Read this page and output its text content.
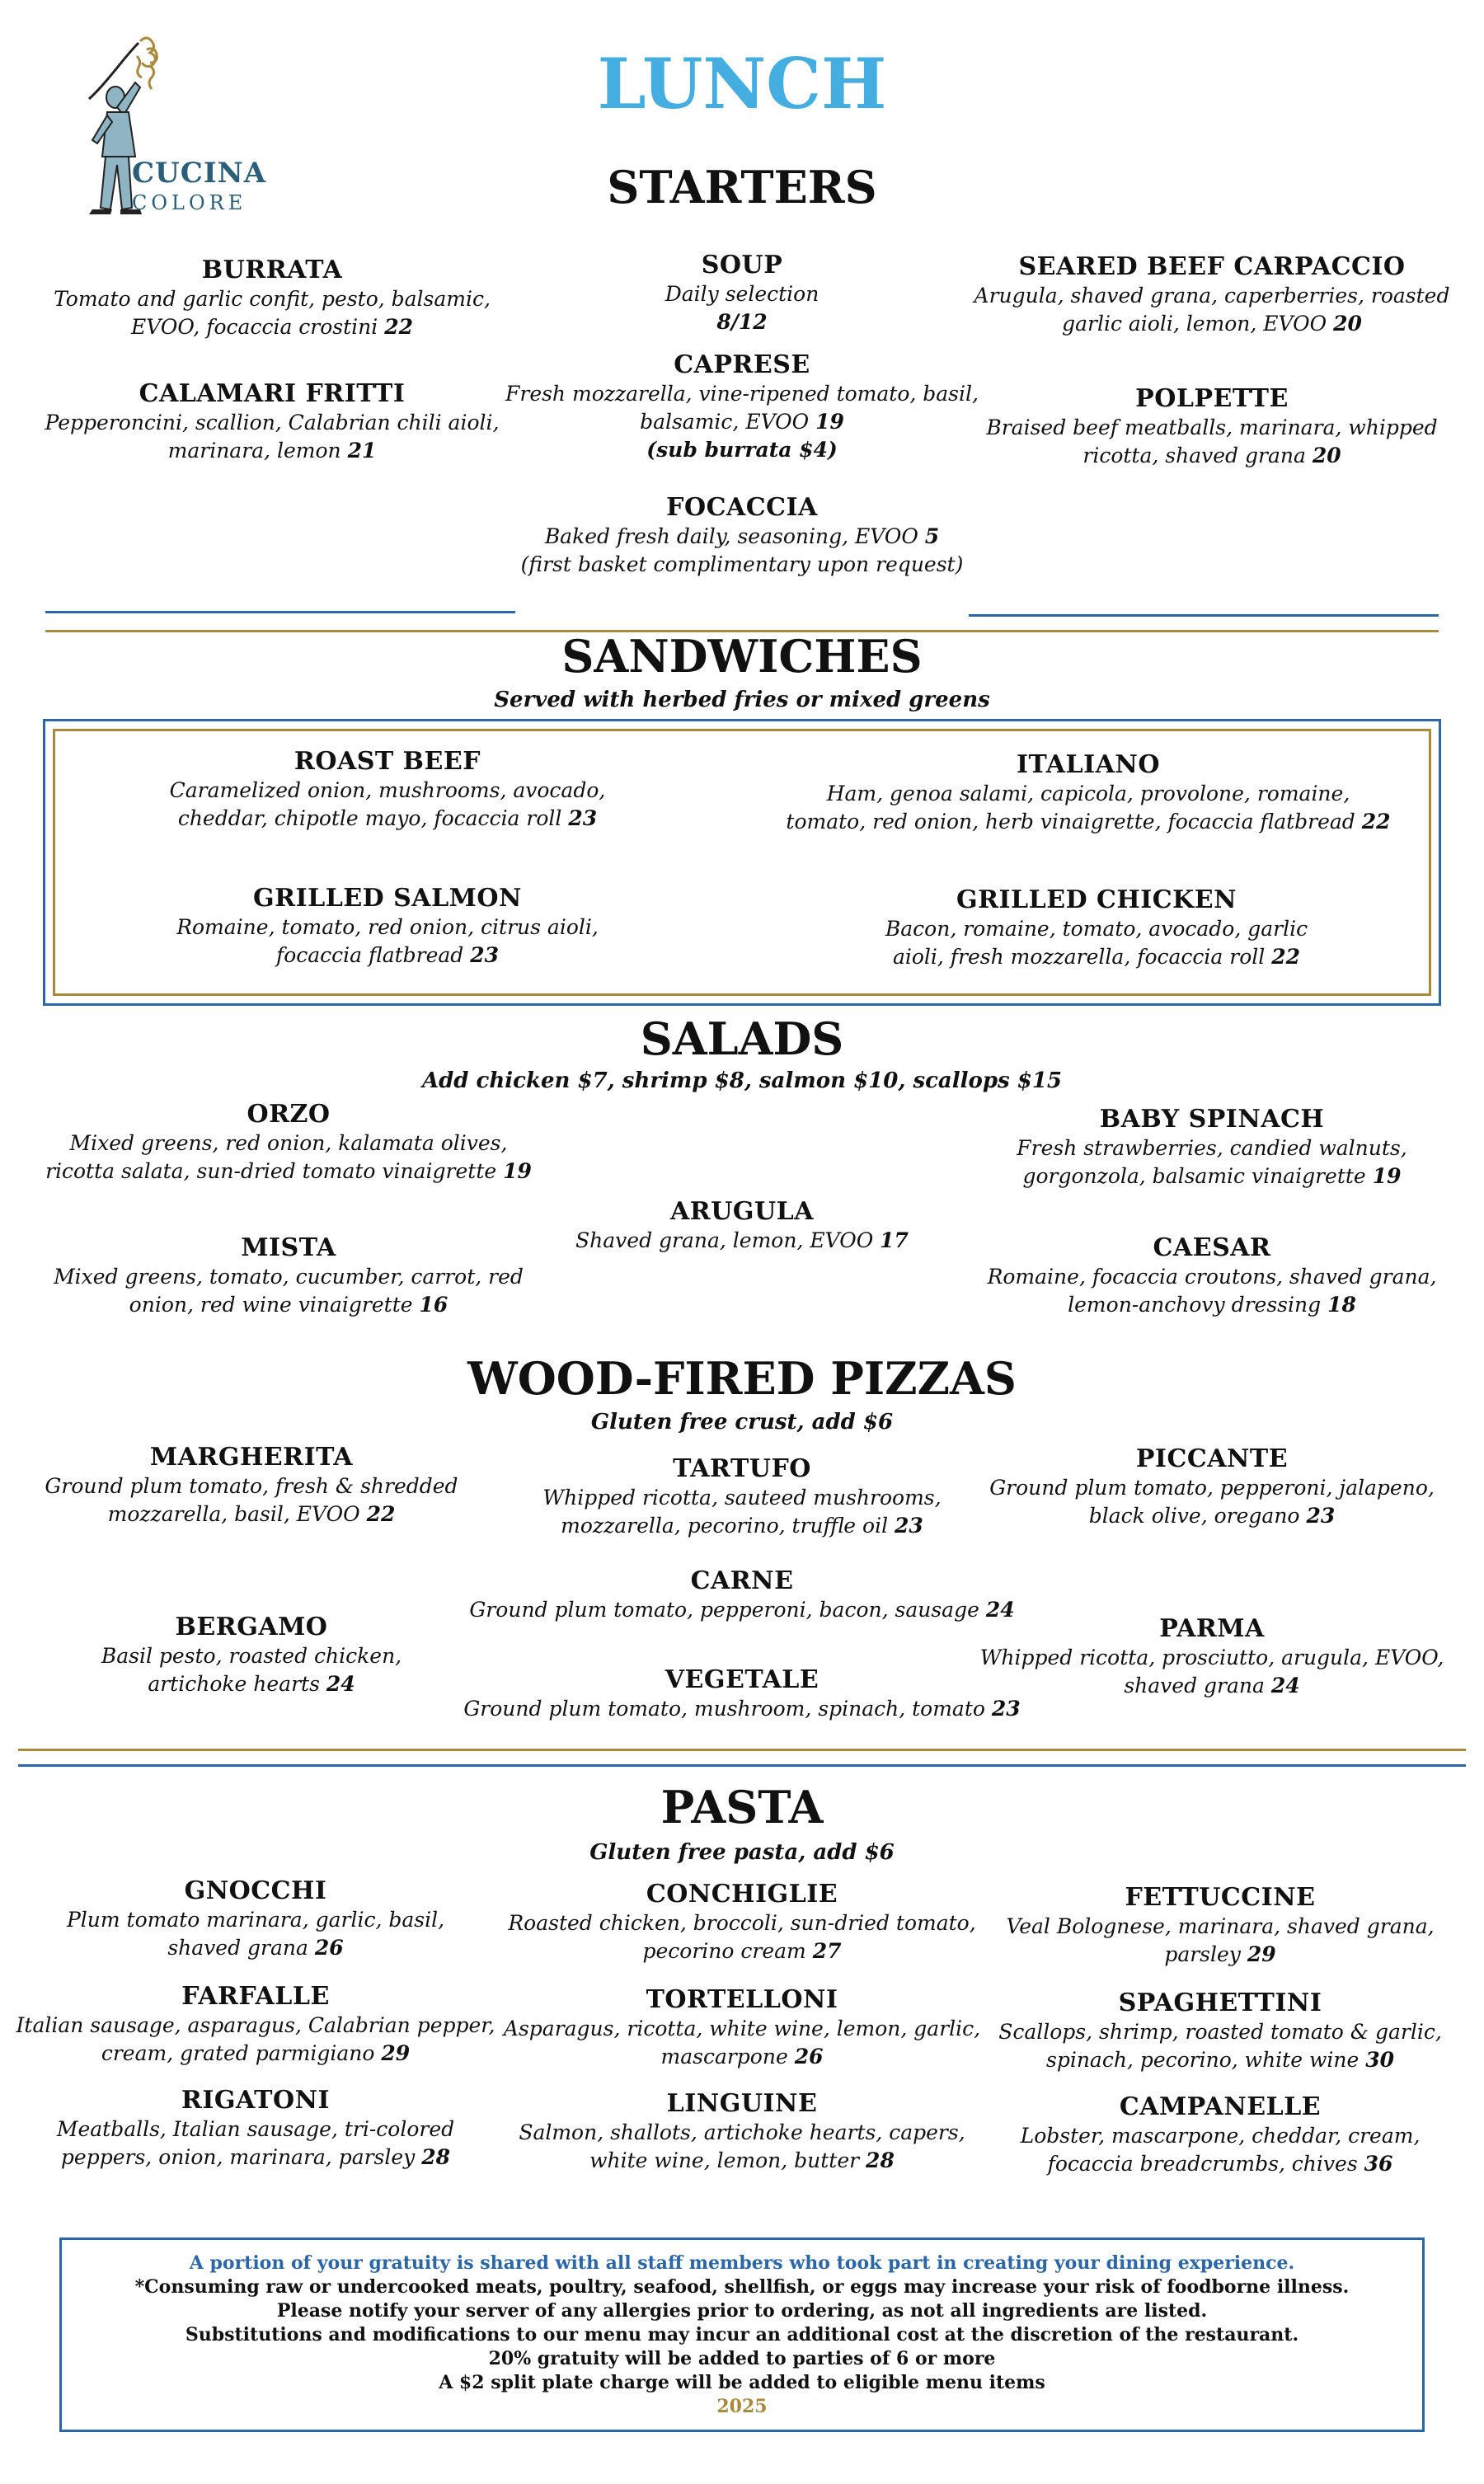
CUCINA
COLORE
LUNCH
STARTERS
BURRATA
Tomato and garlic confit, pesto, balsamic,
EVOO, focaccia crostini 22
CALAMARI FRITTI
Pepperoncini, scallion, Calabrian chili aioli,
marinara, lemon 21
SOUP
Daily selection
8/12
CAPRESE
Fresh mozzarella, vine-ripened tomato, basil,
balsamic, EVOO 19
(sub burrata $4)
FOCACCIA
Baked fresh daily, seasoning, EVOO 5
(first basket complimentary upon request)
SEARED BEEF CARPACCIO
Arugula, shaved grana, caperberries, roasted
garlic aioli, lemon, EVOO 20
POLPETTE
Braised beef meatballs, marinara, whipped
ricotta, shaved grana 20
SANDWICHES
Served with herbed fries or mixed greens
ROAST BEEF
Caramelized onion, mushrooms, avocado,
cheddar, chipotle mayo, focaccia roll 23
ITALIANO
Ham, genoa salami, capicola, provolone, romaine,
tomato, red onion, herb vinaigrette, focaccia flatbread 22
GRILLED SALMON
Romaine, tomato, red onion, citrus aioli,
focaccia flatbread 23
GRILLED CHICKEN
Bacon, romaine, tomato, avocado, garlic
aioli, fresh mozzarella, focaccia roll 22
SALADS
Add chicken $7, shrimp $8, salmon $10, scallops $15
ORZO
Mixed greens, red onion, kalamata olives,
ricotta salata, sun-dried tomato vinaigrette 19
MISTA
Mixed greens, tomato, cucumber, carrot, red
onion, red wine vinaigrette 16
ARUGULA
Shaved grana, lemon, EVOO 17
BABY SPINACH
Fresh strawberries, candied walnuts,
gorgonzola, balsamic vinaigrette 19
CAESAR
Romaine, focaccia croutons, shaved grana,
lemon-anchovy dressing 18
WOOD-FIRED PIZZAS
Gluten free crust, add $6
MARGHERITA
Ground plum tomato, fresh & shredded
mozzarella, basil, EVOO 22
BERGAMO
Basil pesto, roasted chicken,
artichoke hearts 24
TARTUFO
Whipped ricotta, sauteed mushrooms,
mozzarella, pecorino, truffle oil 23
CARNE
Ground plum tomato, pepperoni, bacon, sausage 24
VEGETALE
Ground plum tomato, mushroom, spinach, tomato 23
PICCANTE
Ground plum tomato, pepperoni, jalapeno,
black olive, oregano 23
PARMA
Whipped ricotta, prosciutto, arugula, EVOO,
shaved grana 24
PASTA
Gluten free pasta, add $6
GNOCCHI
Plum tomato marinara, garlic, basil,
shaved grana 26
FARFALLE
Italian sausage, asparagus, Calabrian pepper,
cream, grated parmigiano 29
RIGATONI
Meatballs, Italian sausage, tri-colored
peppers, onion, marinara, parsley 28
CONCHIGLIE
Roasted chicken, broccoli, sun-dried tomato,
pecorino cream 27
TORTELLONI
Asparagus, ricotta, white wine, lemon, garlic,
mascarpone 26
LINGUINE
Salmon, shallots, artichoke hearts, capers,
white wine, lemon, butter 28
FETTUCCINE
Veal Bolognese, marinara, shaved grana,
parsley 29
SPAGHETTINI
Scallops, shrimp, roasted tomato & garlic,
spinach, pecorino, white wine 30
CAMPANELLE
Lobster, mascarpone, cheddar, cream,
focaccia breadcrumbs, chives 36
A portion of your gratuity is shared with all staff members who took part in creating your dining experience.
*Consuming raw or undercooked meats, poultry, seafood, shellfish, or eggs may increase your risk of foodborne illness.
Please notify your server of any allergies prior to ordering, as not all ingredients are listed.
Substitutions and modifications to our menu may incur an additional cost at the discretion of the restaurant.
20% gratuity will be added to parties of 6 or more
A $2 split plate charge will be added to eligible menu items
2025
